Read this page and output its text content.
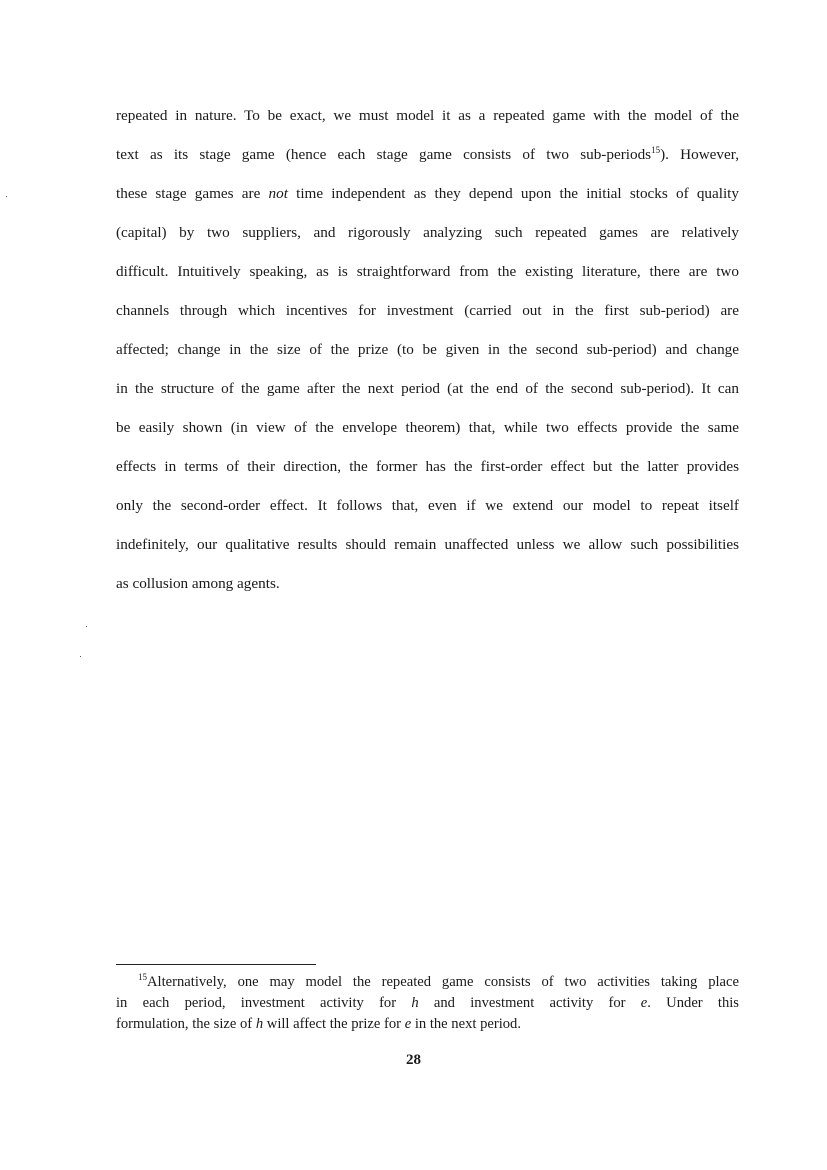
repeated in nature. To be exact, we must model it as a repeated game with the model of the
text as its stage game (hence each stage game consists of two sub-periods$^{15}$). However,
these stage games are not time independent as they depend upon the initial stocks of quality
(capital) by two suppliers, and rigorously analyzing such repeated games are relatively
difficult. Intuitively speaking, as is straightforward from the existing literature, there are two
channels through which incentives for investment (carried out in the first sub-period) are
affected; change in the size of the prize (to be given in the second sub-period) and change
in the structure of the game after the next period (at the end of the second sub-period). It can
be easily shown (in view of the envelope theorem) that, while two effects provide the same
effects in terms of their direction, the former has the first-order effect but the latter provides
only the second-order effect. It follows that, even if we extend our model to repeat itself
indefinitely, our qualitative results should remain unaffected unless we allow such possibilities
as collusion among agents.
$^{15}$Alternatively, one may model the repeated game consists of two activities taking place
in each period, investment activity for h and investment activity for e. Under this
formulation, the size of h will affect the prize for e in the next period.
28
